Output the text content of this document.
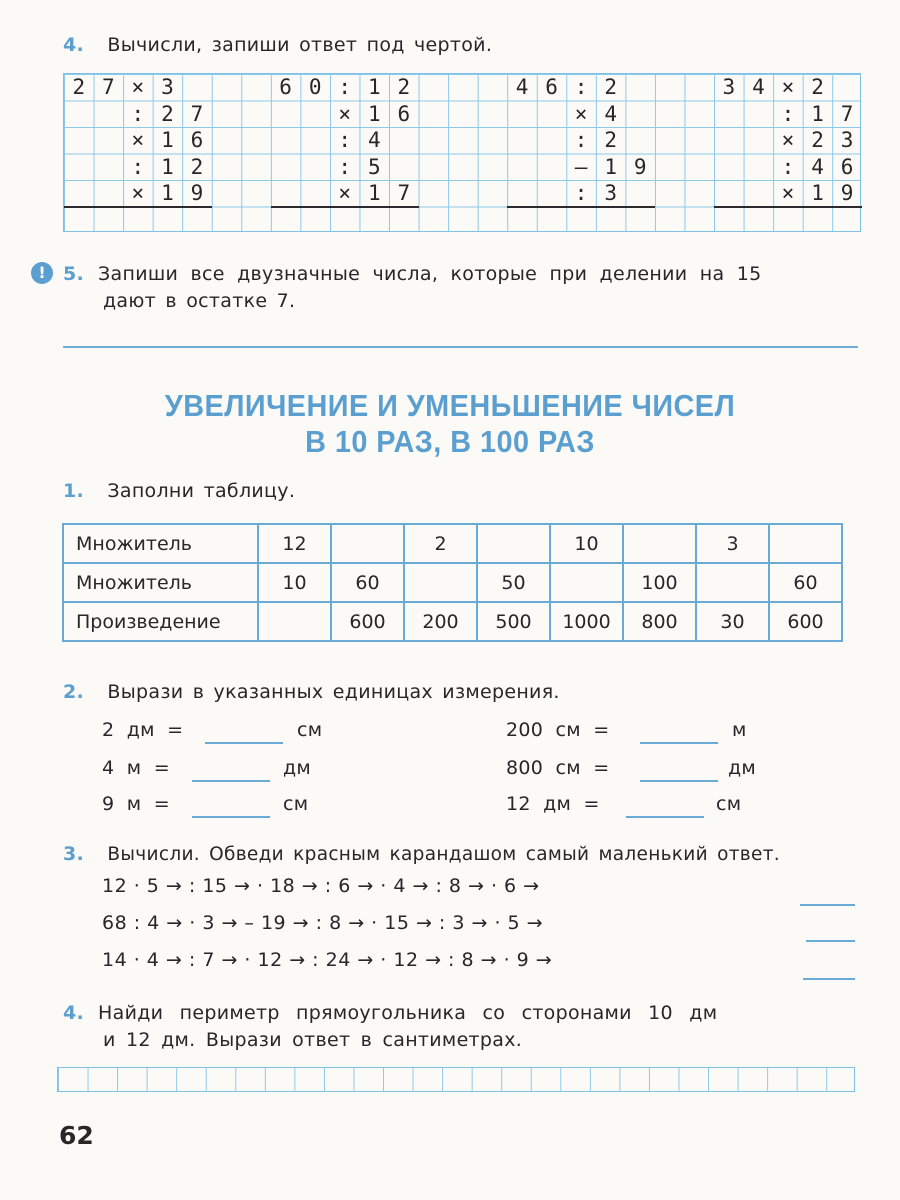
4. Вычисли, запиши ответ под чертой.
2 7 × 3
: 2 7
× 1 6
: 1 2
× 1 9
6 0 : 1 2
× 1 6
: 4
: 5
× 1 7
4 6 : 2
× 4
: 2
– 1 9
: 3
3 4 × 2
: 1 7
× 2 3
: 4 6
× 1 9
! 5. Запиши все двузначные числа, которые при делении на 15
дают в остатке 7.
УВЕЛИЧЕНИЕ И УМЕНЬШЕНИЕ ЧИСЕЛ
В 10 РАЗ, В 100 РАЗ
1. Заполни таблицу.
Множитель	12		2		10		3	
Множитель	10	60		50		100		60
Произведение		600	200	500	1000	800	30	600
2. Вырази в указанных единицах измерения.
2 дм =	см
4 м =	дм
9 м =	см
200 см =	м
800 см =	дм
12 дм =	см
3. Вычисли. Обведи красным карандашом самый маленький ответ.
12 · 5 → : 15 → · 18 → : 6 → · 4 → : 8 → · 6 →
68 : 4 → · 3 → – 19 → : 8 → · 15 → : 3 → · 5 →
14 · 4 → : 7 → · 12 → : 24 → · 12 → : 8 → · 9 →
4. Найди периметр прямоугольника со сторонами 10 дм
и 12 дм. Вырази ответ в сантиметрах.
62
